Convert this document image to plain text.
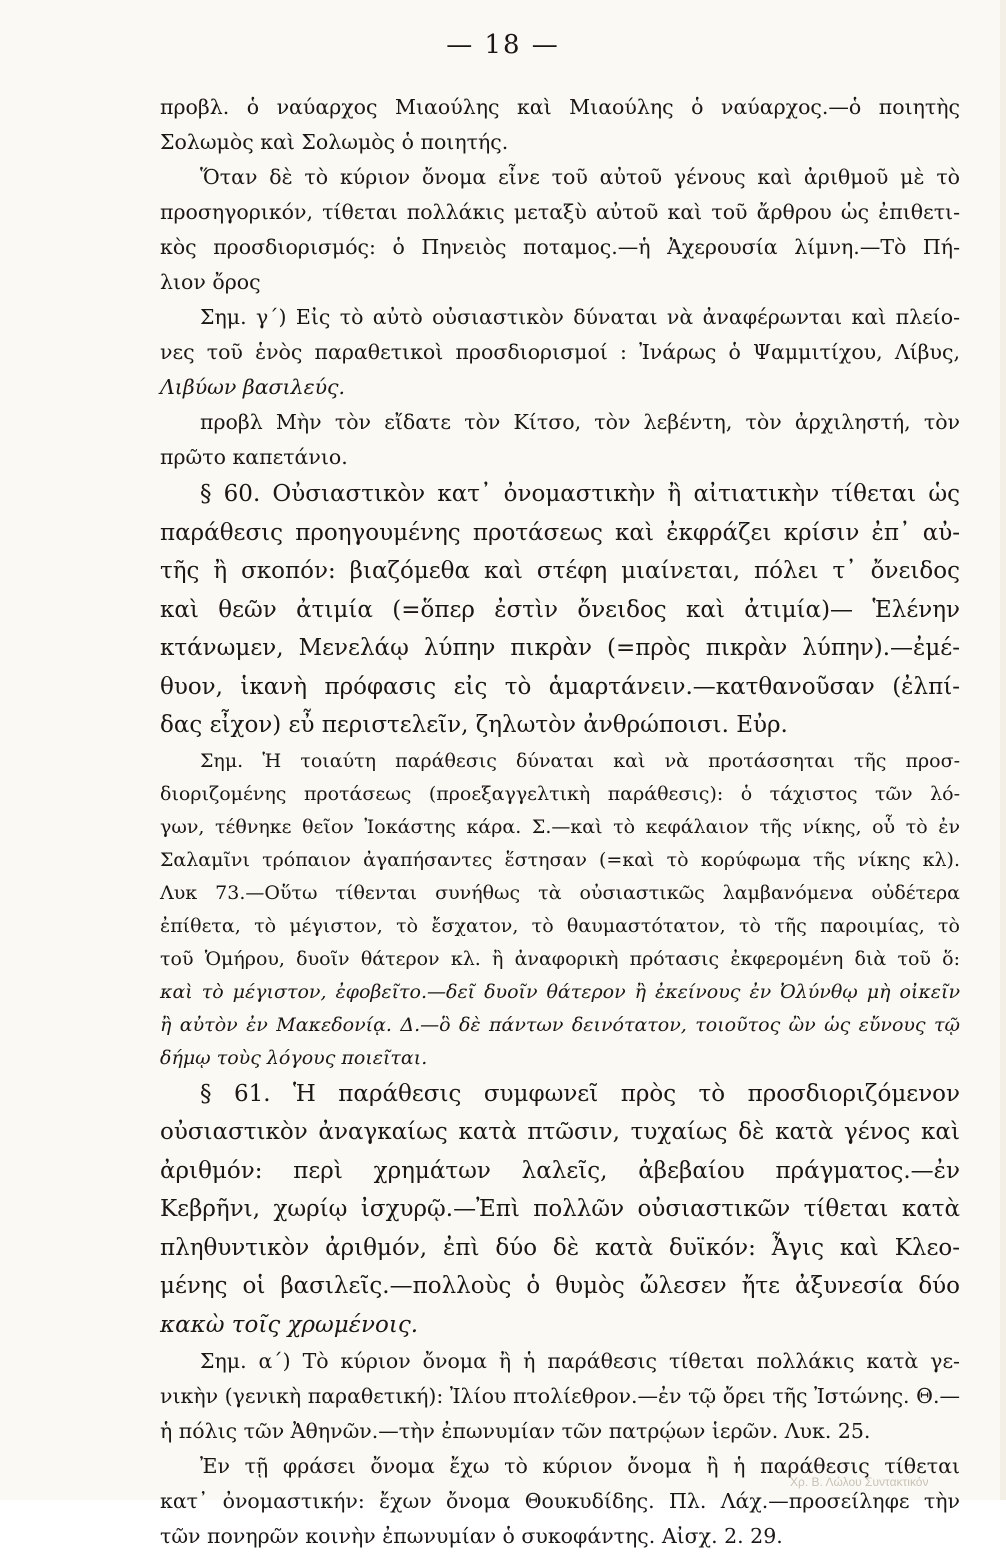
— 18 —
προβλ. ὁ ναύαρχος Μιαούλης καὶ Μιαούλης ὁ ναύαρχος.—ὁ ποιητὴς
Σολωμὸς καὶ Σολωμὸς ὁ ποιητής.
Ὅταν δὲ τὸ κύριον ὄνομα εἶνε τοῦ αὐτοῦ γένους καὶ ἀριθμοῦ μὲ τὸ
προσηγορικόν, τίθεται πολλάκις μεταξὺ αὐτοῦ καὶ τοῦ ἄρθρου ὡς ἐπιθετι-
κὸς προσδιορισμός: ὁ Πηνειὸς ποταμος.—ἡ Ἀχερουσία λίμνη.—Τὸ Πή-
λιον ὄρος
Σημ. γ΄) Εἰς τὸ αὐτὸ οὐσιαστικὸν δύναται νὰ ἀναφέρωνται καὶ πλείο-
νες τοῦ ἑνὸς παραθετικοὶ προσδιορισμοί : Ἰνάρως ὁ Ψαμμιτίχου, Λίβυς,
Λιβύων βασιλεύς.
προβλ Μὴν τὸν εἴδατε τὸν Κίτσο, τὸν λεβέντη, τὸν ἀρχιληστή, τὸν
πρῶτο καπετάνιο.
§ 60. Οὐσιαστικὸν κατ᾿ ὀνομαστικὴν ἢ αἰτιατικὴν τίθεται ὡς
παράθεσις προηγουμένης προτάσεως καὶ ἐκφράζει κρίσιν ἐπ᾿ αὐ-
τῆς ἢ σκοπόν: βιαζόμεθα καὶ στέφη μιαίνεται, πόλει τ᾿ ὄνειδος
καὶ θεῶν ἀτιμία (=ὅπερ ἐστὶν ὄνειδος καὶ ἀτιμία)— Ἑλένην
κτάνωμεν, Μενελάῳ λύπην πικρὰν (=πρὸς πικρὰν λύπην).—ἐμέ-
θυον, ἱκανὴ πρόφασις εἰς τὸ ἁμαρτάνειν.—κατθανοῦσαν (ἐλπί-
δας εἶχον) εὖ περιστελεῖν, ζηλωτὸν ἀνθρώποισι. Εὐρ.
Σημ. Ἡ τοιαύτη παράθεσις δύναται καὶ νὰ προτάσσηται τῆς προσ-
διοριζομένης προτάσεως (προεξαγγελτικὴ παράθεσις): ὁ τάχιστος τῶν λό-
γων, τέθνηκε θεῖον Ἰοκάστης κάρα. Σ.—καὶ τὸ κεφάλαιον τῆς νίκης, οὗ τὸ ἐν
Σαλαμῖνι τρόπαιον ἀγαπήσαντες ἕστησαν (=καὶ τὸ κορύφωμα τῆς νίκης κλ).
Λυκ 73.—Οὕτω τίθενται συνήθως τὰ οὐσιαστικῶς λαμβανόμενα οὐδέτερα
ἐπίθετα, τὸ μέγιστον, τὸ ἔσχατον, τὸ θαυμαστότατον, τὸ τῆς παροιμίας, τὸ
τοῦ Ὁμήρου, δυοῖν θάτερον κλ. ἢ ἀναφορικὴ πρότασις ἐκφερομένη διὰ τοῦ ὅ:
καὶ τὸ μέγιστον, ἐφοβεῖτο.—δεῖ δυοῖν θάτερον ἢ ἐκείνους ἐν Ὀλύνθῳ μὴ οἰκεῖν
ἢ αὐτὸν ἐν Μακεδονίᾳ. Δ.—ὃ δὲ πάντων δεινότατον, τοιοῦτος ὢν ὡς εὔνους τῷ
δήμῳ τοὺς λόγους ποιεῖται.
§ 61. Ἡ παράθεσις συμφωνεῖ πρὸς τὸ προσδιοριζόμενον
οὐσιαστικὸν ἀναγκαίως κατὰ πτῶσιν, τυχαίως δὲ κατὰ γένος καὶ
ἀριθμόν: περὶ χρημάτων λαλεῖς, ἀβεβαίου πράγματος.—ἐν
Κεβρῆνι, χωρίῳ ἰσχυρῷ.—Ἐπὶ πολλῶν οὐσιαστικῶν τίθεται κατὰ
πληθυντικὸν ἀριθμόν, ἐπὶ δύο δὲ κατὰ δυϊκόν: Ἆγις καὶ Κλεο-
μένης οἱ βασιλεῖς.—πολλοὺς ὁ θυμὸς ὤλεσεν ἤτε ἀξυνεσία δύο
κακὼ τοῖς χρωμένοις.
Σημ. α΄) Τὸ κύριον ὄνομα ἢ ἡ παράθεσις τίθεται πολλάκις κατὰ γε-
νικὴν (γενικὴ παραθετική): Ἰλίου πτολίεθρον.—ἐν τῷ ὄρει τῆς Ἰστώνης. Θ.—
ἡ πόλις τῶν Ἀθηνῶν.—τὴν ἐπωνυμίαν τῶν πατρῴων ἱερῶν. Λυκ. 25.
Ἐν τῇ φράσει ὄνομα ἔχω τὸ κύριον ὄνομα ἢ ἡ παράθεσις τίθεται
κατ᾿ ὀνομαστικήν: ἔχων ὄνομα Θουκυδίδης. Πλ. Λάχ.—προσείληφε τὴν
τῶν πονηρῶν κοινὴν ἐπωνυμίαν ὁ συκοφάντης. Αἰσχ. 2. 29.
Χρ. Β. Λώλου Συντακτικόν
